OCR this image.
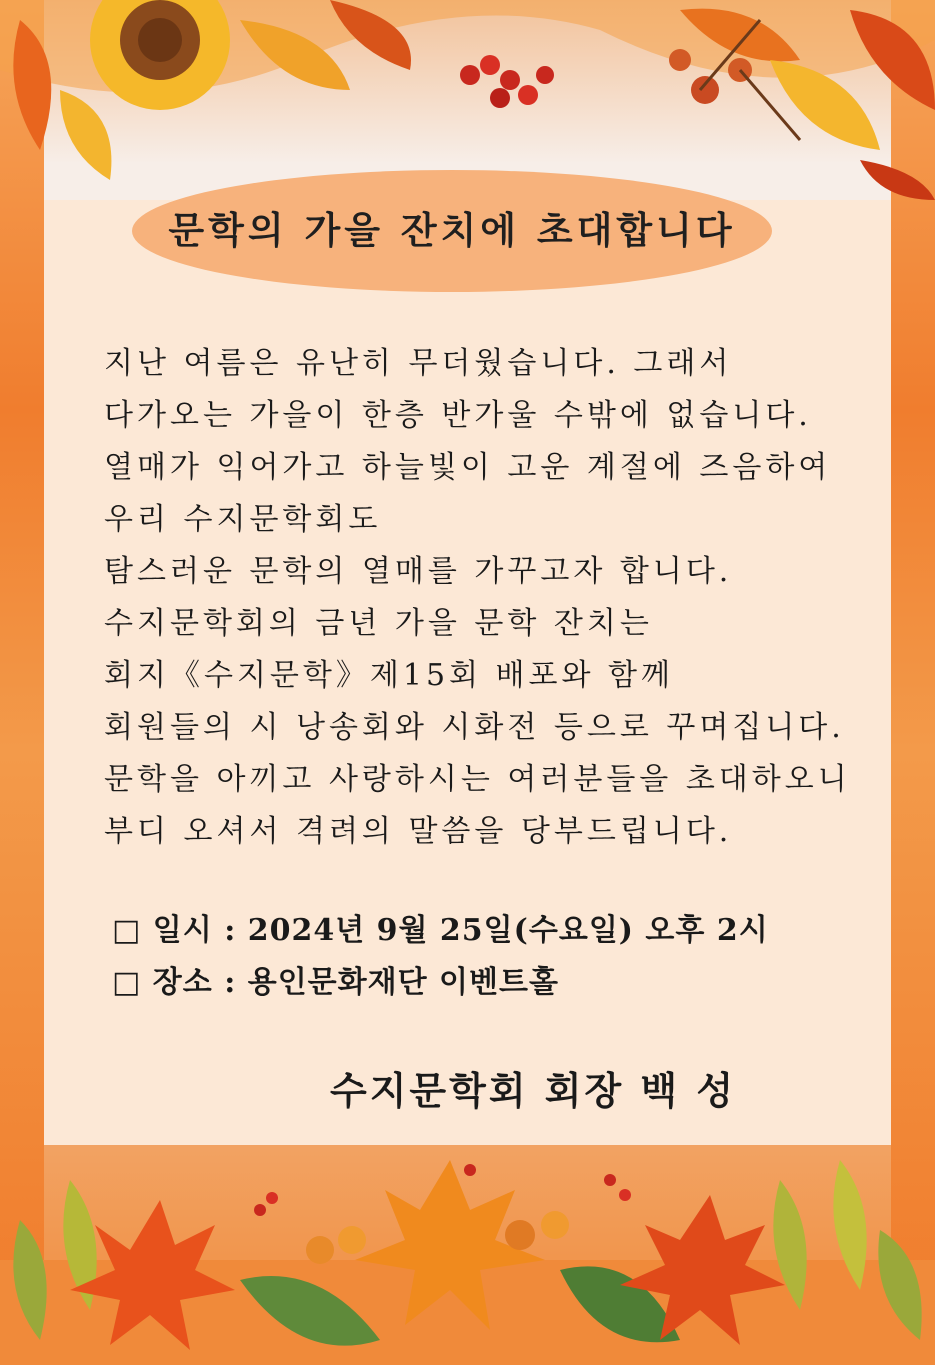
문학의 가을 잔치에 초대합니다
지난 여름은 유난히 무더웠습니다. 그래서
다가오는 가을이 한층 반가울 수밖에 없습니다.
열매가 익어가고 하늘빛이 고운 계절에 즈음하여
우리 수지문학회도
탐스러운 문학의 열매를 가꾸고자 합니다.
수지문학회의 금년 가을 문학 잔치는
회지《수지문학》제15회 배포와 함께
회원들의 시 낭송회와 시화전 등으로 꾸며집니다.
문학을 아끼고 사랑하시는 여러분들을 초대하오니
부디 오셔서 격려의 말씀을 당부드립니다.
□ 일시 : 2024년 9월 25일(수요일) 오후 2시
□ 장소 : 용인문화재단 이벤트홀
수지문학회 회장 백 성
